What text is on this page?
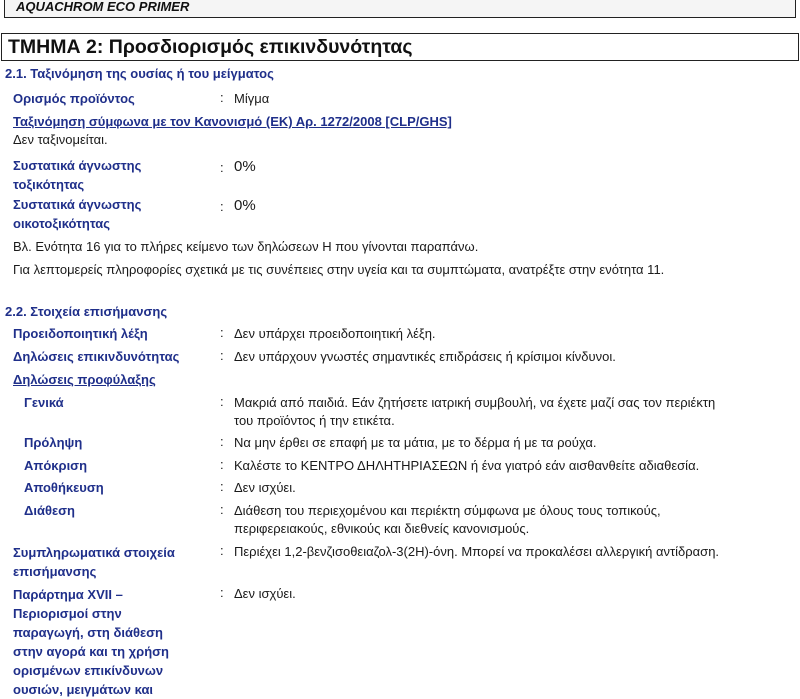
AQUACHROM ECO PRIMER
ΤΜΗΜΑ 2: Προσδιορισμός επικινδυνότητας
2.1. Ταξινόμηση της ουσίας ή του μείγματος
Ορισμός προϊόντος	: Μίγμα
Ταξινόμηση σύμφωνα με τον Κανονισμό (ΕΚ) Αρ. 1272/2008 [CLP/GHS]
Δεν ταξινομείται.
Συστατικά άγνωστης
τοξικότητας
: 0%
Συστατικά άγνωστης
οικοτοξικότητας
: 0%
Βλ. Ενότητα 16 για το πλήρες κείμενο των δηλώσεων Η που γίνονται παραπάνω.
Για λεπτομερείς πληροφορίες σχετικά με τις συνέπειες στην υγεία και τα συμπτώματα, ανατρέξτε στην ενότητα 11.
2.2. Στοιχεία επισήμανσης
Προειδοποιητική λέξη	: Δεν υπάρχει προειδοποιητική λέξη.
Δηλώσεις επικινδυνότητας	: Δεν υπάρχουν γνωστές σημαντικές επιδράσεις ή κρίσιμοι κίνδυνοι.
Δηλώσεις προφύλαξης
Γενικά	: Μακριά από παιδιά. Εάν ζητήσετε ιατρική συμβουλή, να έχετε μαζί σας τον περιέκτη
του προϊόντος ή την ετικέτα.
Πρόληψη	: Να μην έρθει σε επαφή με τα μάτια, με το δέρμα ή με τα ρούχα.
Απόκριση	: Καλέστε το ΚΕΝΤΡΟ ΔΗΛΗΤΗΡΙΑΣΕΩΝ ή ένα γιατρό εάν αισθανθείτε αδιαθεσία.
Αποθήκευση	: Δεν ισχύει.
Διάθεση	: Διάθεση του περιεχομένου και περιέκτη σύμφωνα με όλους τους τοπικούς,
περιφερειακούς, εθνικούς και διεθνείς κανονισμούς.
Συμπληρωματικά στοιχεία
επισήμανσης
: Περιέχει 1,2-βενζισοθειαζολ-3(2H)-όνη. Μπορεί να προκαλέσει αλλεργική αντίδραση.
Παράρτημα XVII –
Περιορισμοί στην
παραγωγή, στη διάθεση
στην αγορά και τη χρήση
ορισμένων επικίνδυνων
ουσιών, μειγμάτων και
: Δεν ισχύει.
